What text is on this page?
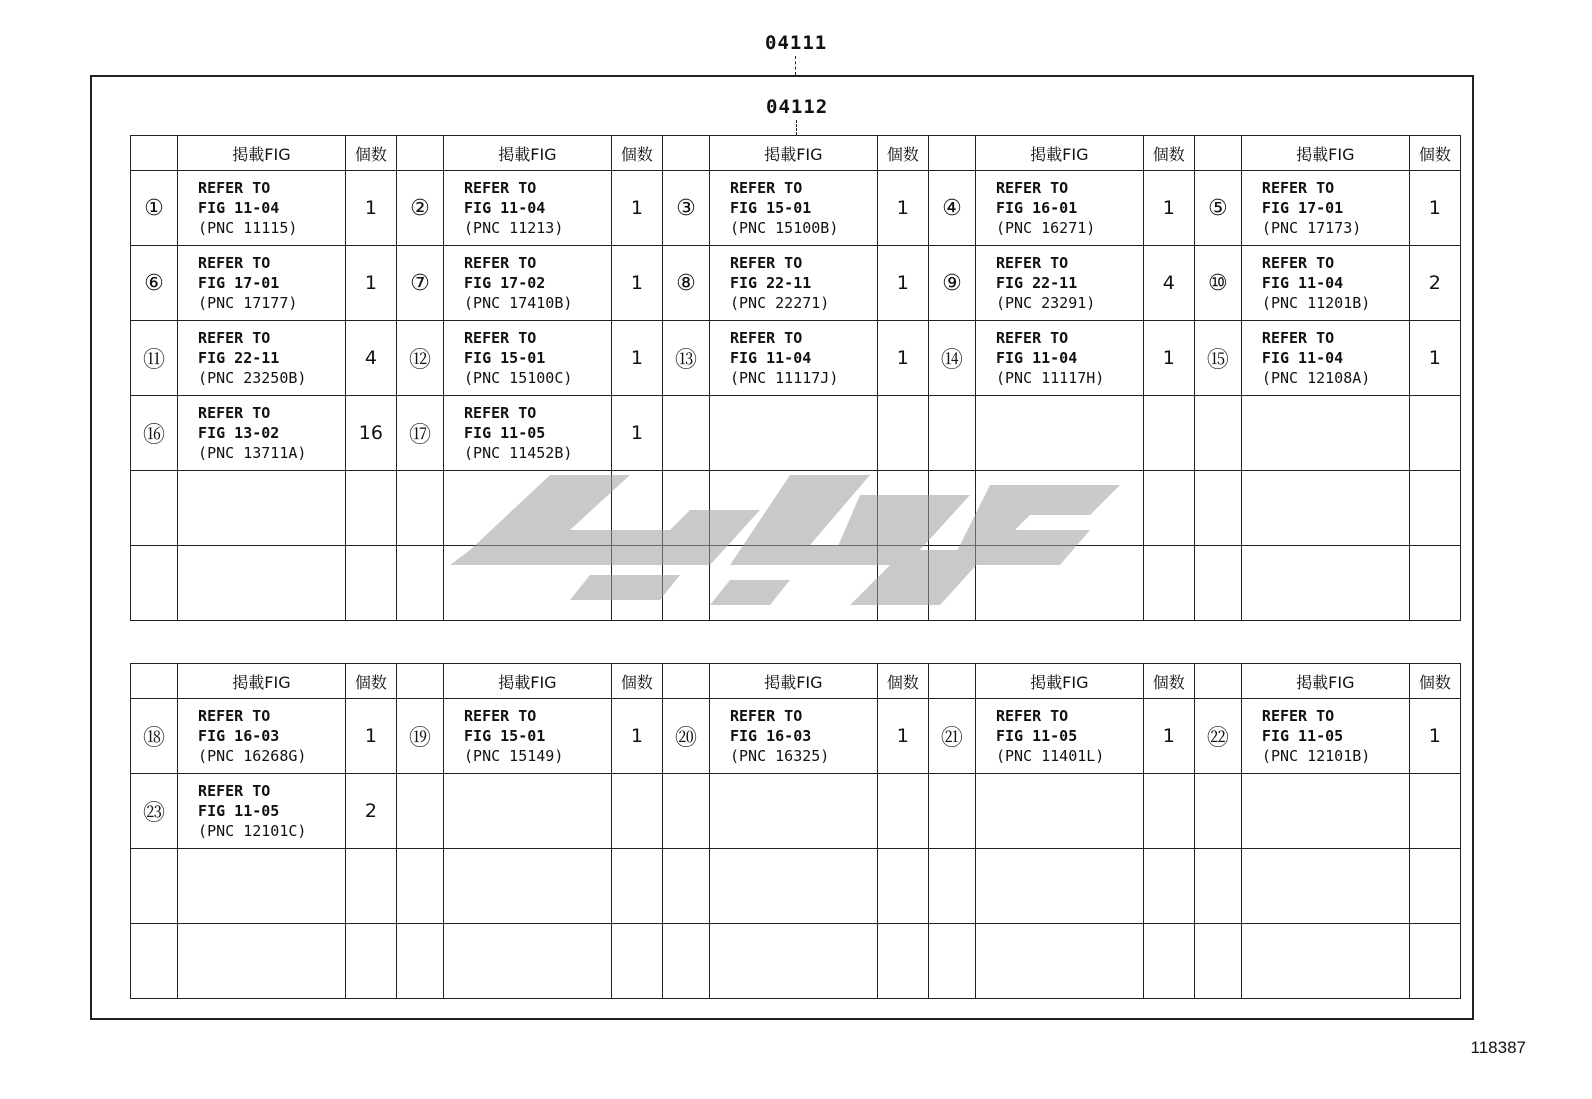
04111
04112
	掲載FIG	個数		掲載FIG	個数		掲載FIG	個数		掲載FIG	個数		掲載FIG	個数
①	REFER TO
FIG 11-04
(PNC 11115)	1	②	REFER TO
FIG 11-04
(PNC 11213)	1	③	REFER TO
FIG 15-01
(PNC 15100B)	1	④	REFER TO
FIG 16-01
(PNC 16271)	1	⑤	REFER TO
FIG 17-01
(PNC 17173)	1
⑥	REFER TO
FIG 17-01
(PNC 17177)	1	⑦	REFER TO
FIG 17-02
(PNC 17410B)	1	⑧	REFER TO
FIG 22-11
(PNC 22271)	1	⑨	REFER TO
FIG 22-11
(PNC 23291)	4	⑩	REFER TO
FIG 11-04
(PNC 11201B)	2
⑪	REFER TO
FIG 22-11
(PNC 23250B)	4	⑫	REFER TO
FIG 15-01
(PNC 15100C)	1	⑬	REFER TO
FIG 11-04
(PNC 11117J)	1	⑭	REFER TO
FIG 11-04
(PNC 11117H)	1	⑮	REFER TO
FIG 11-04
(PNC 12108A)	1
⑯	REFER TO
FIG 13-02
(PNC 13711A)	16	⑰	REFER TO
FIG 11-05
(PNC 11452B)	1		

	掲載FIG	個数		掲載FIG	個数		掲載FIG	個数		掲載FIG	個数		掲載FIG	個数
⑱	REFER TO
FIG 16-03
(PNC 16268G)	1	⑲	REFER TO
FIG 15-01
(PNC 15149)	1	⑳	REFER TO
FIG 16-03
(PNC 16325)	1	㉑	REFER TO
FIG 11-05
(PNC 11401L)	1	㉒	REFER TO
FIG 11-05
(PNC 12101B)	1
㉓	REFER TO
FIG 11-05
(PNC 12101C)	2		

118387
